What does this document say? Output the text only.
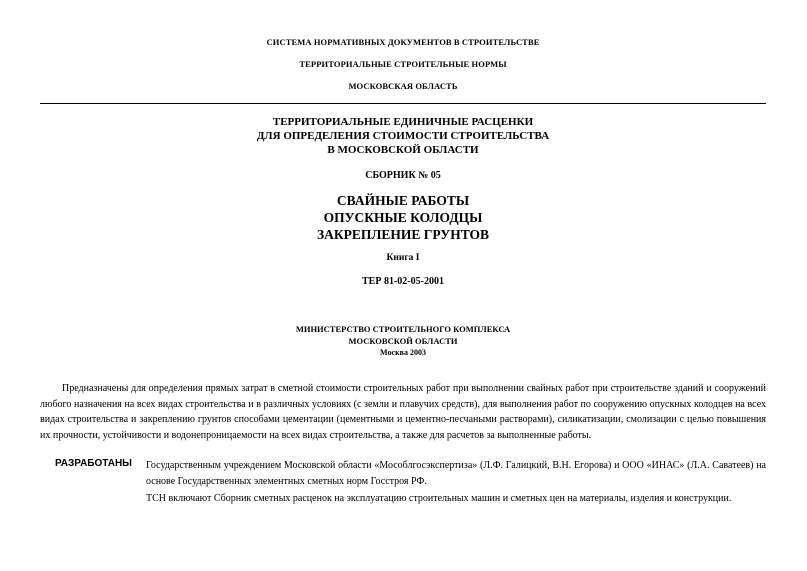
СИСТЕМА НОРМАТИВНЫХ ДОКУМЕНТОВ В СТРОИТЕЛЬСТВЕ
ТЕРРИТОРИАЛЬНЫЕ СТРОИТЕЛЬНЫЕ НОРМЫ
МОСКОВСКАЯ ОБЛАСТЬ
ТЕРРИТОРИАЛЬНЫЕ ЕДИНИЧНЫЕ РАСЦЕНКИ
ДЛЯ ОПРЕДЕЛЕНИЯ СТОИМОСТИ СТРОИТЕЛЬСТВА
В МОСКОВСКОЙ ОБЛАСТИ
СБОРНИК № 05
СВАЙНЫЕ РАБОТЫ
ОПУСКНЫЕ КОЛОДЦЫ
ЗАКРЕПЛЕНИЕ ГРУНТОВ
Книга I
ТЕР 81-02-05-2001
МИНИСТЕРСТВО СТРОИТЕЛЬНОГО КОМПЛЕКСА
МОСКОВСКОЙ ОБЛАСТИ
Москва 2003
Предназначены для определения прямых затрат в сметной стоимости строительных работ при выполнении свайных работ при строительстве зданий и сооружений любого назначения на всех видах строительства и в различных условиях (с земли и плавучих средств), для выполнения работ по сооружению опускных колодцев на всех видах строительства и закреплению грунтов способами цементации (цементными и цементно-песчаными растворами), силикатизации, смолизации с целью повышения их прочности, устойчивости и водонепроницаемости на всех видах строительства, а также для расчетов за выполненные работы.
РАЗРАБОТАНЫ Государственным учреждением Московской области «Мособлгосэкспертиза» (Л.Ф. Галицкий, В.Н. Егорова) и ООО «ИНАС» (Л.А. Саватеев) на основе Государственных элементных сметных норм Госстроя РФ.
ТСН включают Сборник сметных расценок на эксплуатацию строительных машин и сметных цен на материалы, изделия и конструкции.
